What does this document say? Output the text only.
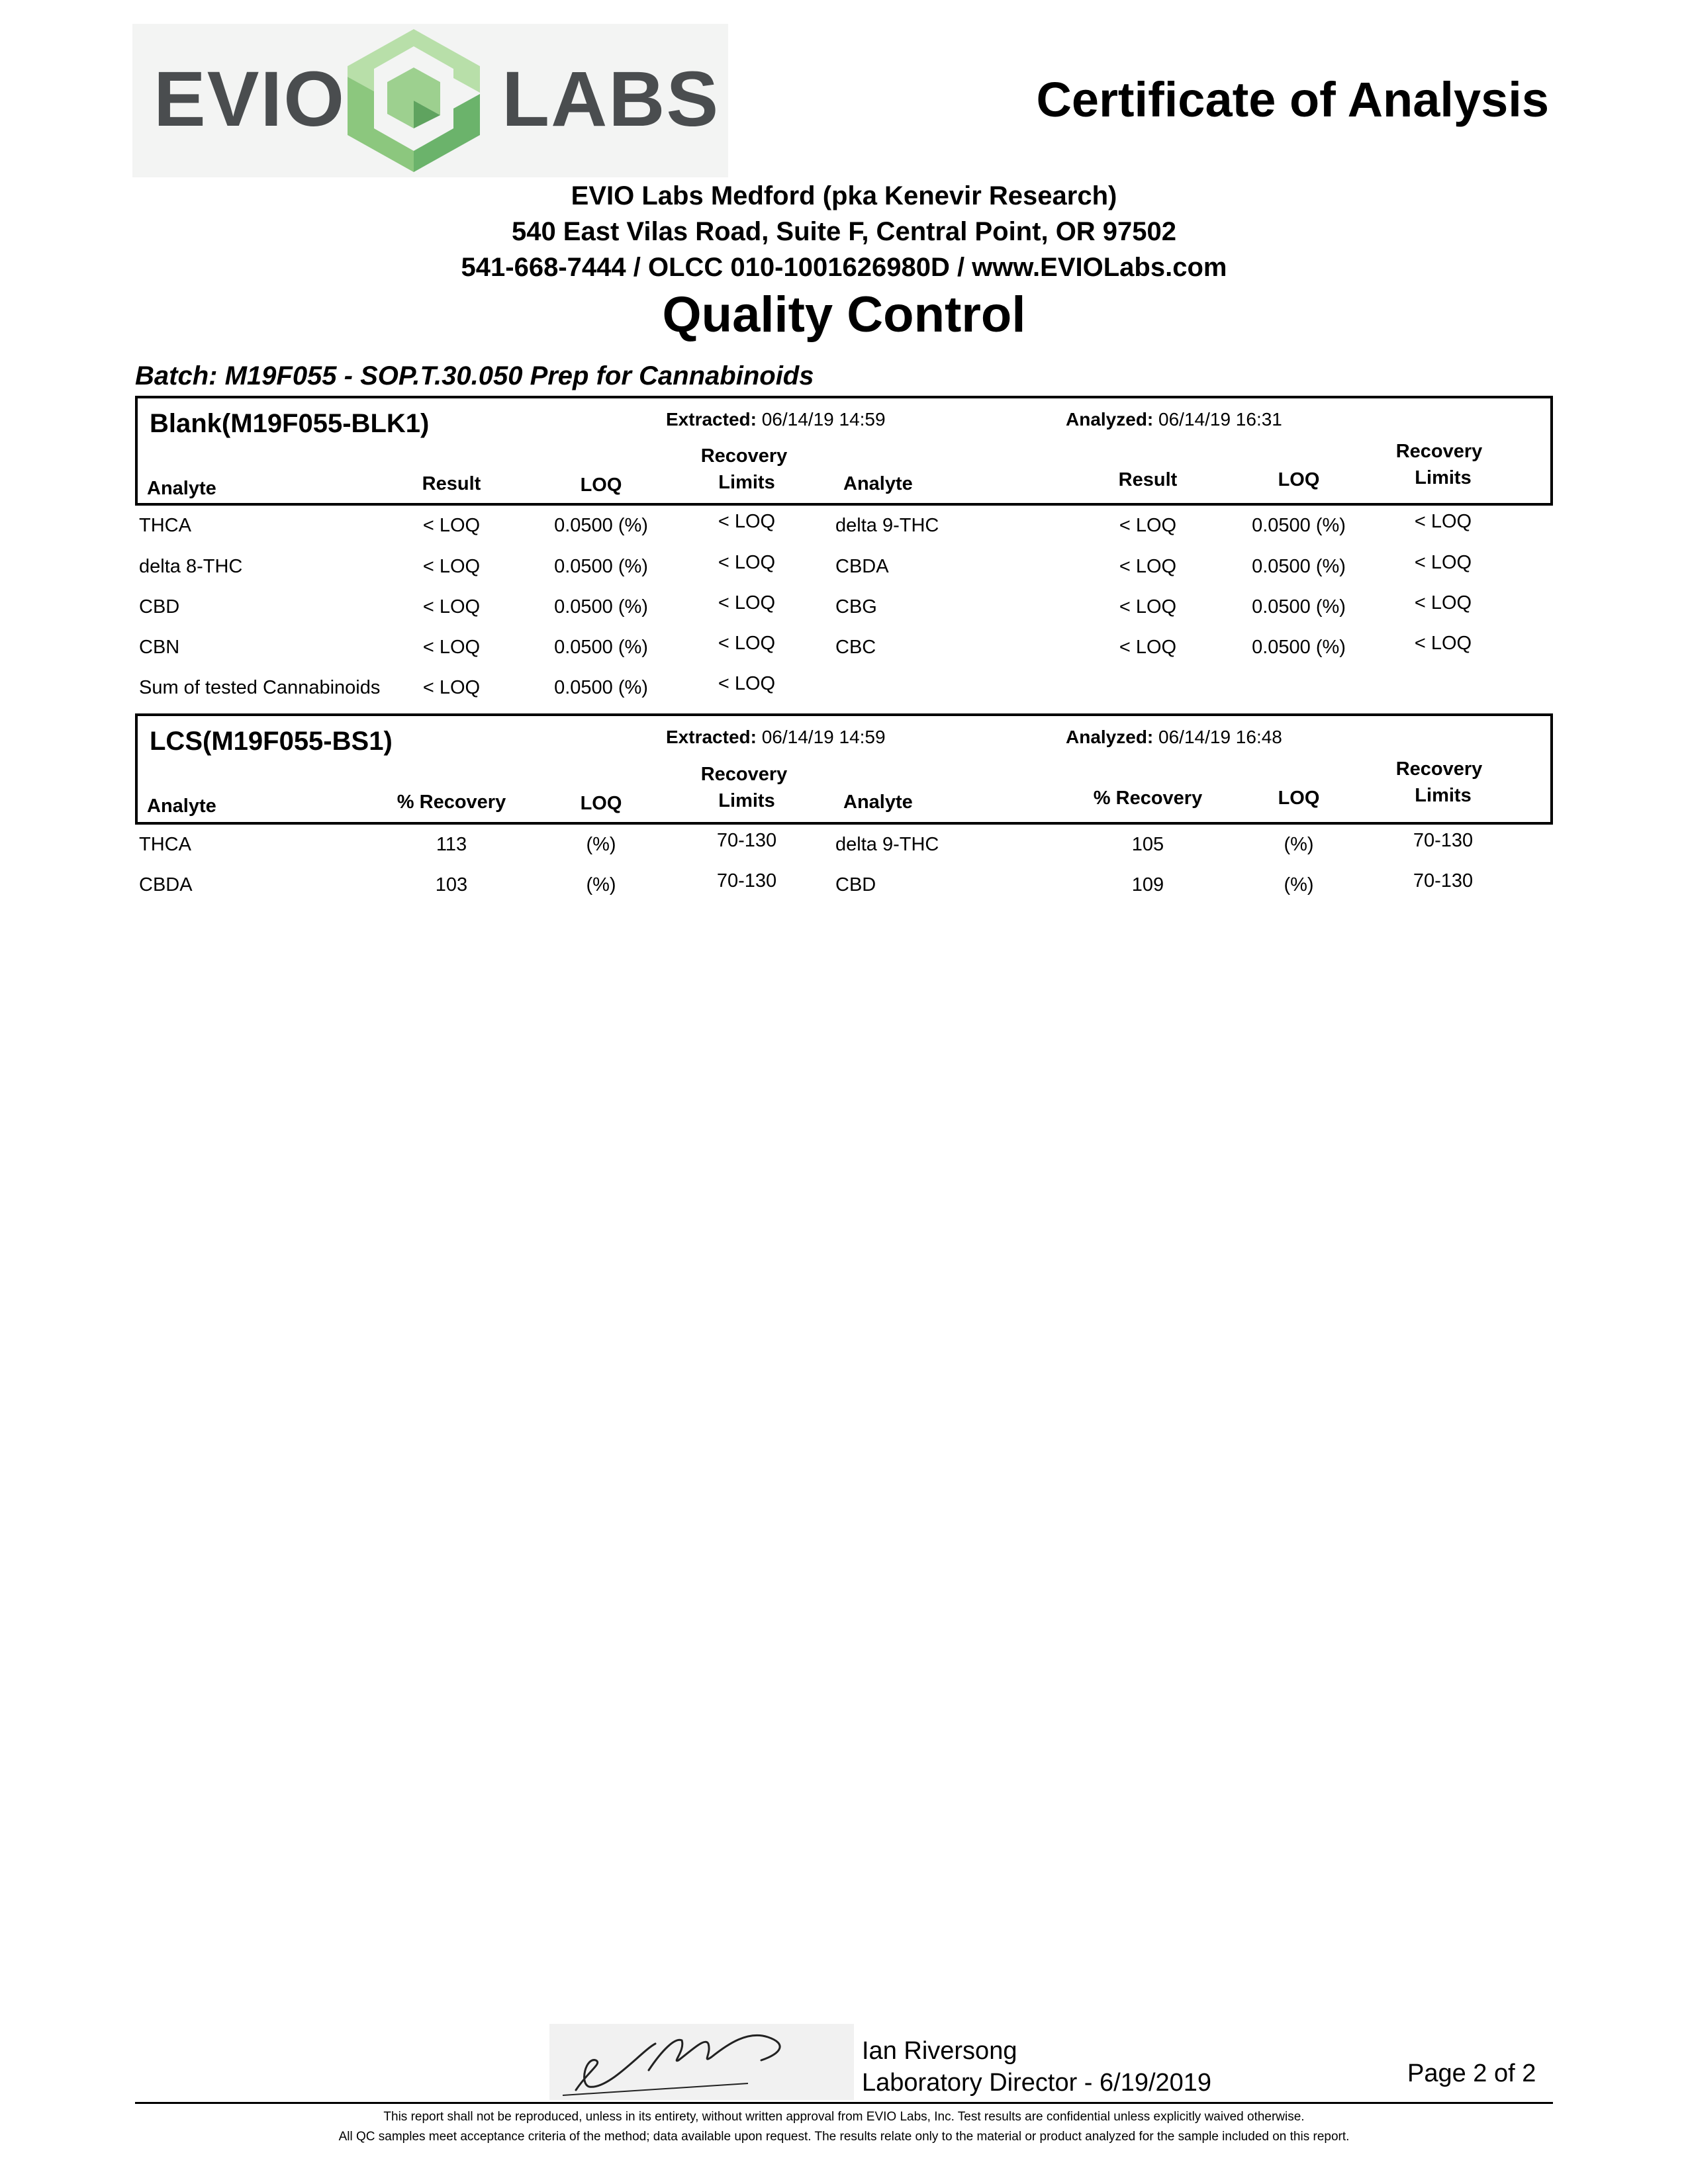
EVIO LABS	Certificate of Analysis
EVIO Labs Medford (pka Kenevir Research)
540 East Vilas Road, Suite F, Central Point, OR 97502
541-668-7444 / OLCC 010-1001626980D / www.EVIOLabs.com
Quality Control
Batch: M19F055 - SOP.T.30.050 Prep for Cannabinoids
Blank(M19F055-BLK1)	Extracted: 06/14/19 14:59	Analyzed: 06/14/19 16:31
Analyte	Result	LOQ
Recovery
Limits	Analyte	Result	LOQ
Recovery
Limits
THCA	< LOQ	0.0500 (%)	< LOQ	delta 9-THC	< LOQ	0.0500 (%)	< LOQ
delta 8-THC	< LOQ	0.0500 (%)	< LOQ	CBDA	< LOQ	0.0500 (%)	< LOQ
CBD	< LOQ	0.0500 (%)	< LOQ	CBG	< LOQ	0.0500 (%)	< LOQ
CBN	< LOQ	0.0500 (%)	< LOQ	CBC	< LOQ	0.0500 (%)	< LOQ
Sum of tested Cannabinoids	< LOQ	0.0500 (%)	< LOQ
LCS(M19F055-BS1)	Extracted: 06/14/19 14:59	Analyzed: 06/14/19 16:48
Analyte	% Recovery	LOQ
Recovery
Limits	Analyte	% Recovery	LOQ
Recovery
Limits
THCA	113	(%)	70-130	delta 9-THC	105	(%)	70-130
CBDA	103	(%)	70-130	CBD	109	(%)	70-130
Ian Riversong
Laboratory Director - 6/19/2019	Page 2 of 2
This report shall not be reproduced, unless in its entirety, without written approval from EVIO Labs, Inc. Test results are confidential unless explicitly waived otherwise.
All QC samples meet acceptance criteria of the method; data available upon request. The results relate only to the material or product analyzed for the sample included on this report.
